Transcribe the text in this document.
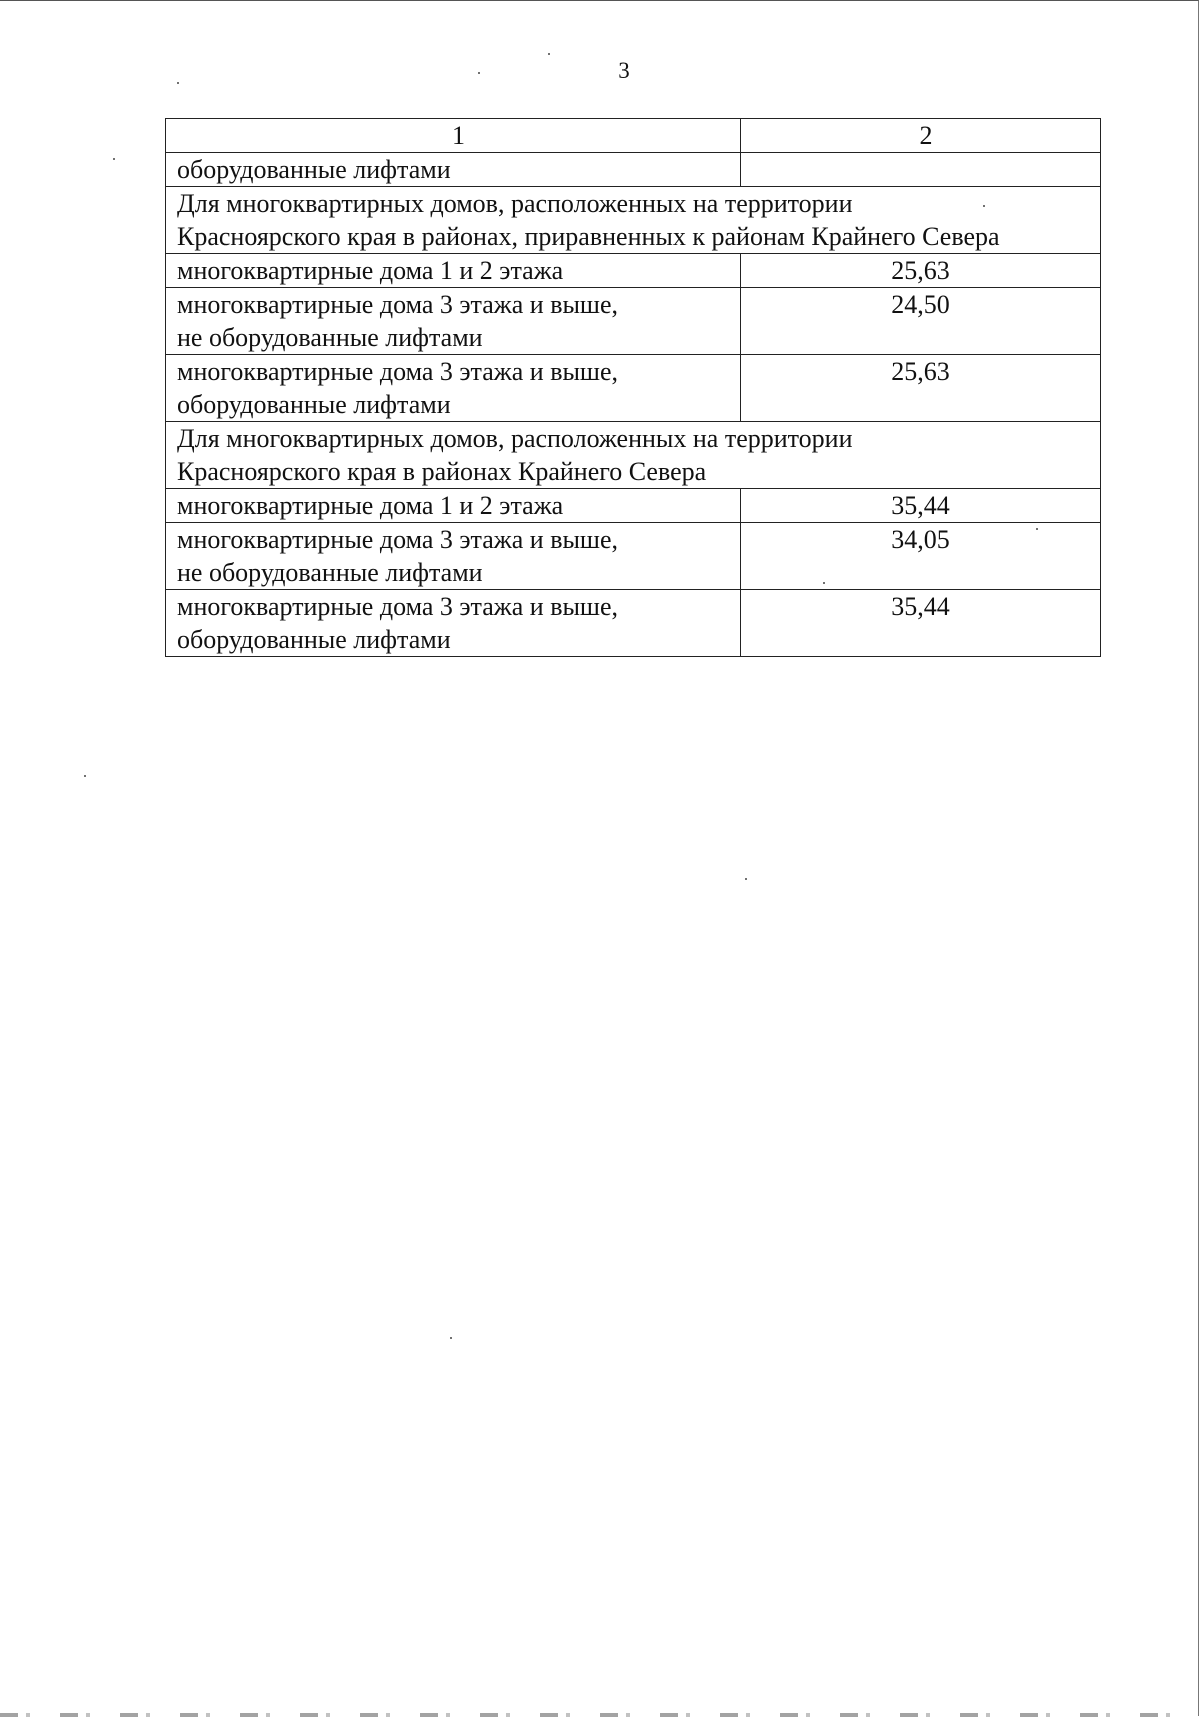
3
1	2

оборудованные лифтами	

Для многоквартирных домов, расположенных на территории
Красноярского края в районах, приравненных к районам Крайнего Севера	

многоквартирные дома 1 и 2 этажа	25,63

многоквартирные дома 3 этажа и выше,
не оборудованные лифтами	24,50

многоквартирные дома 3 этажа и выше,
оборудованные лифтами	25,63

Для многоквартирных домов, расположенных на территории
Красноярского края в районах Крайнего Севера	

многоквартирные дома 1 и 2 этажа	35,44

многоквартирные дома 3 этажа и выше,
не оборудованные лифтами	34,05

многоквартирные дома 3 этажа и выше,
оборудованные лифтами	35,44
